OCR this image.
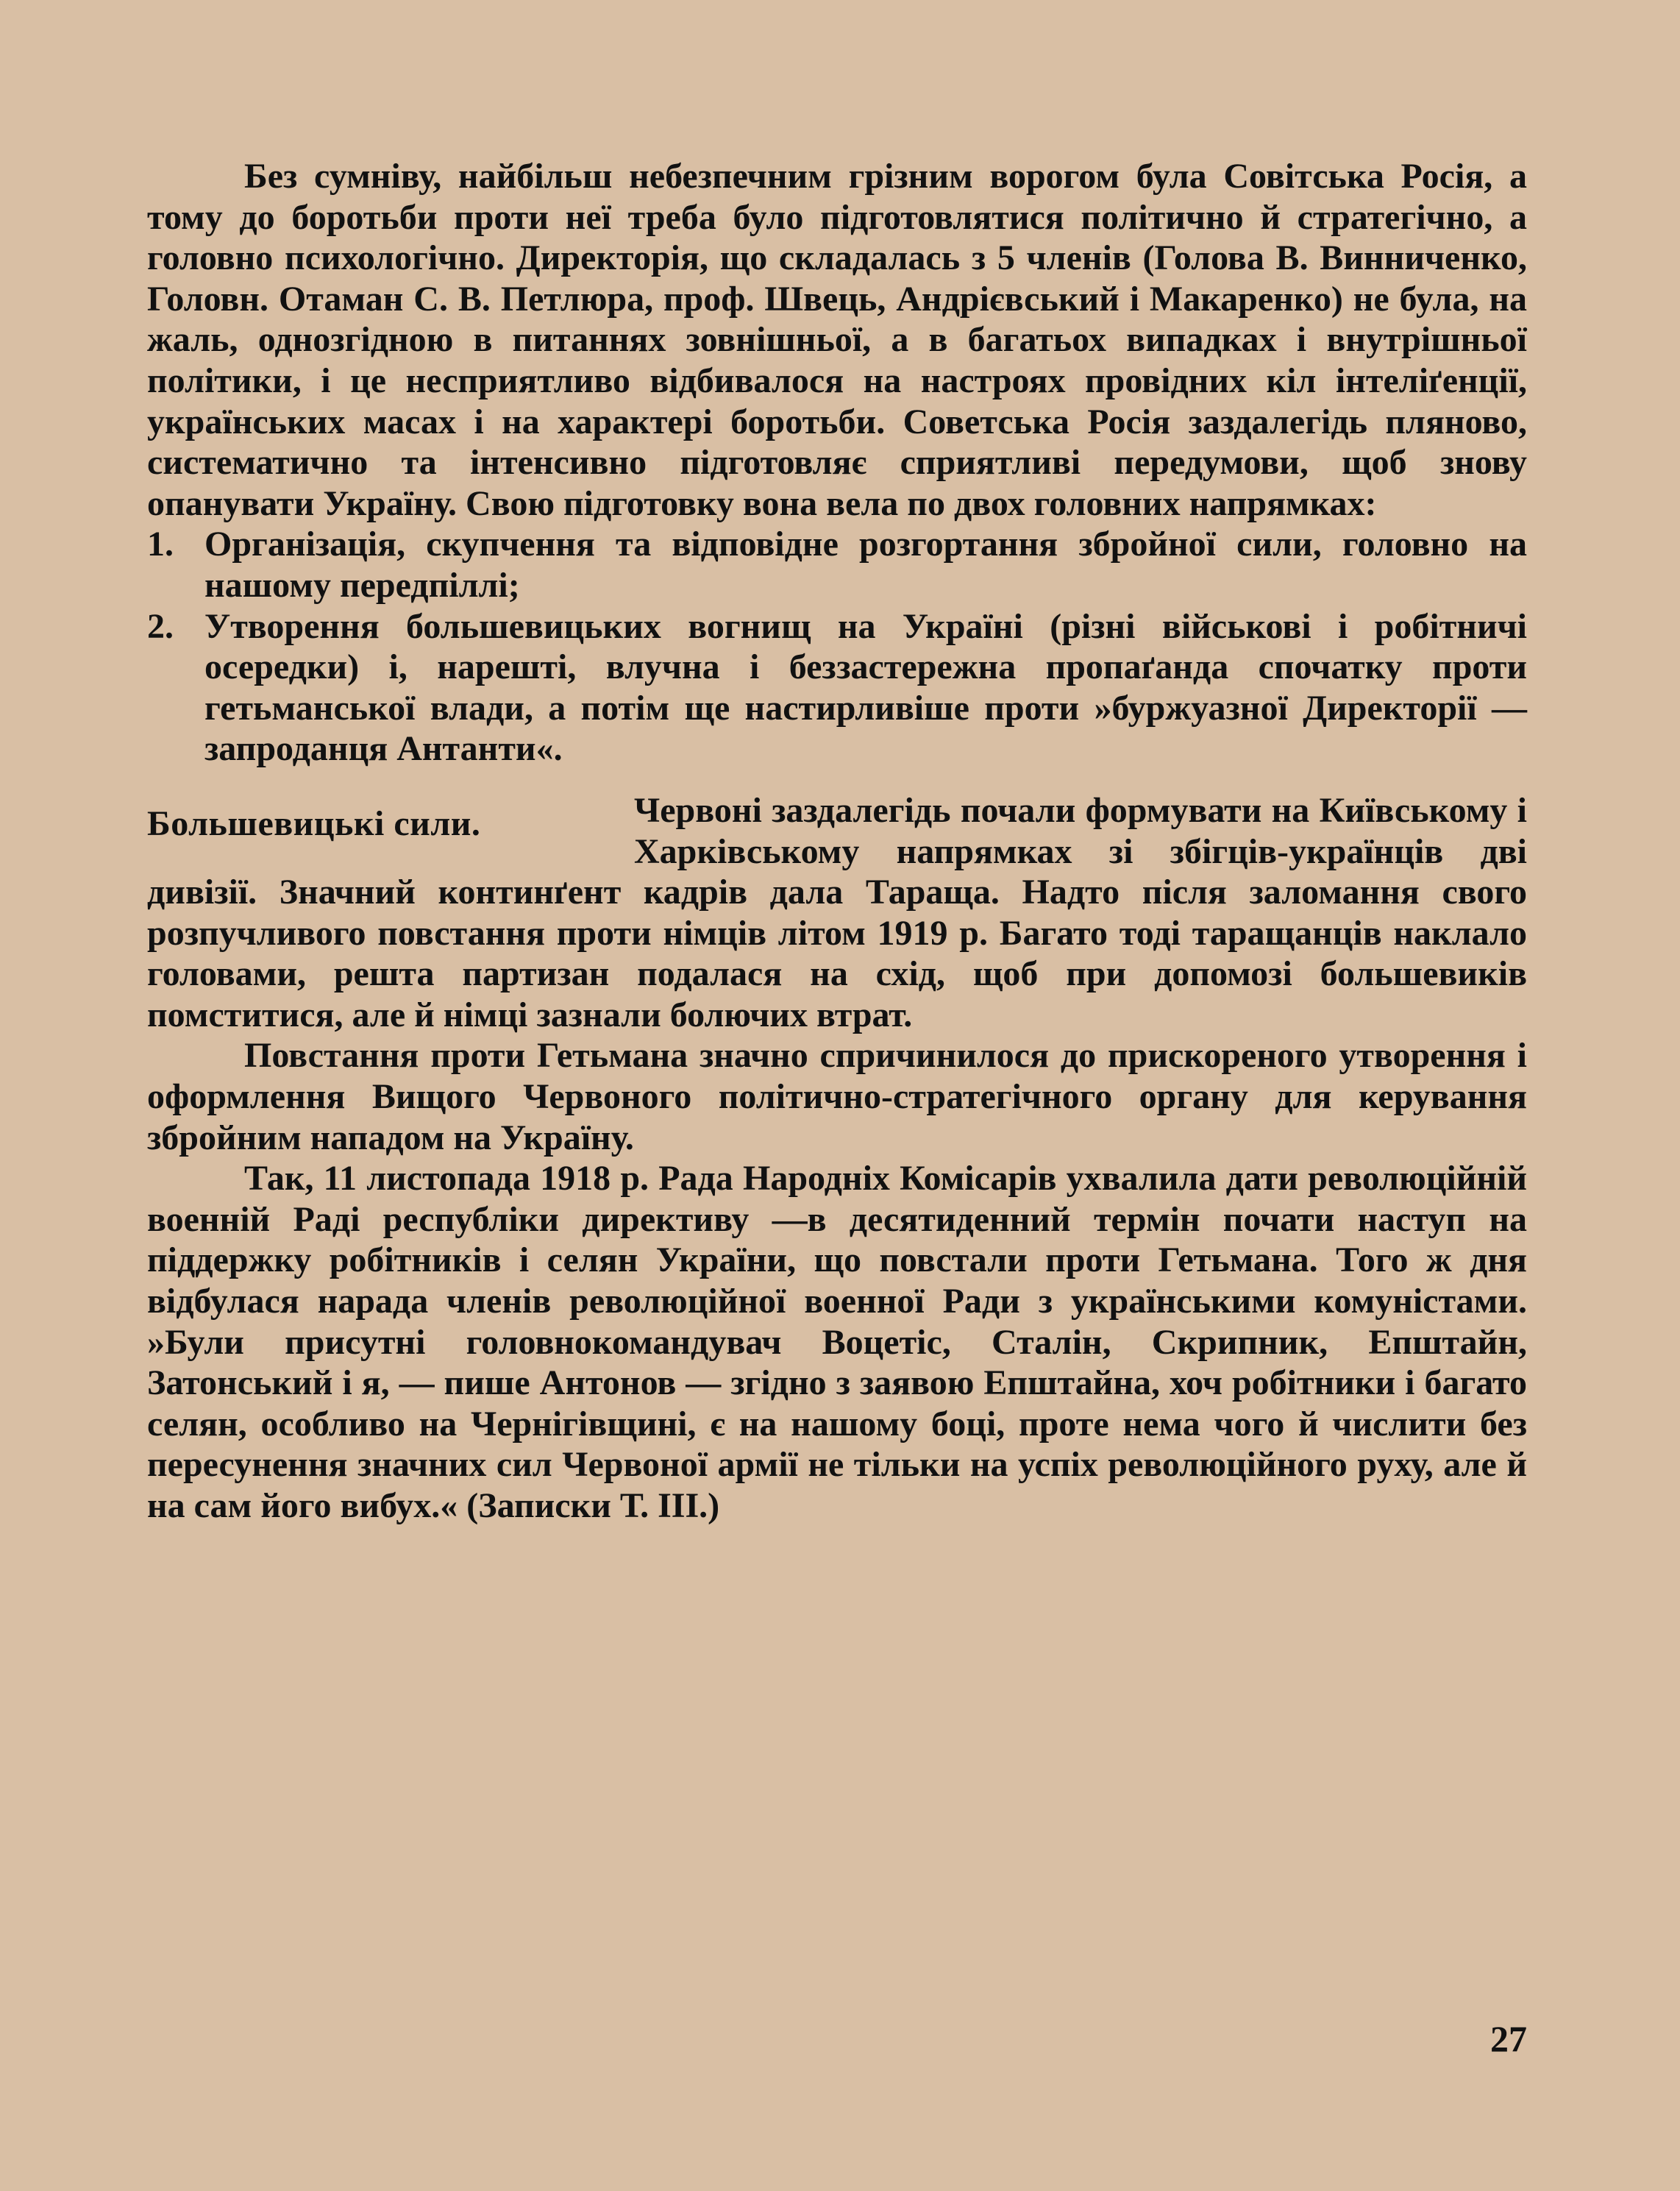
Без сумніву, найбільш небезпечним грізним ворогом була Совітська Росія, а тому до боротьби проти неї треба було підготовлятися політично й стратегічно, а головно психологічно. Директорія, що складалась з 5 членів (Голова В. Винниченко, Головн. Отаман С. В. Петлюра, проф. Швець, Андрієвський і Макаренко) не була, на жаль, однозгідною в питаннях зовнішньої, а в багатьох випадках і внутрішньої політики, і це несприятливо відбивалося на настроях провідних кіл інтеліґенції, українських масах і на характері боротьби. Советська Росія заздалегідь пляново, систематично та інтенсивно підготовляє сприятливі передумови, щоб знову опанувати Україну. Свою підготовку вона вела по двох головних напрямках:

1. Організація, скупчення та відповідне розгортання збройної сили, головно на нашому передпіллі;
2. Утворення большевицьких вогнищ на Україні (різні військові і робітничі осередки) і, нарешті, влучна і беззастережна пропаґанда спочатку проти гетьманської влади, а потім ще настирливіше проти »буржуазної Директорії — запроданця Антанти«.
Большевицькі сили.	Червоні заздалегідь почали формувати на Київському і Харківському напрямках зі збігців-українців дві дивізії. Значний континґент кадрів дала Таращa. Надто після заломання свого розпучливого повстання проти німців літом 1919 р. Багато тоді таращанців наклало головами, решта партизан подалася на схід, щоб при допомозі большевиків помститися, але й німці зазнали болючих втрат.

Повстання проти Гетьмана значно спричинилося до прискореного утворення і оформлення Вищого Червоного політично-стратегічного органу для керування збройним нападом на Україну.

Так, 11 листопада 1918 р. Рада Народніх Комісарів ухвалила дати революційній военній Раді республіки директиву —в десятиденний термін почати наступ на піддержку робітників і селян України, що повстали проти Гетьмана. Того ж дня відбулася нарада членів революційної военної Ради з українськими комуністами. »Були присутні головнокомандувач Воцетіс, Сталін, Скрипник, Епштайн, Затонський і я, — пише Антонов — згідно з заявою Епштайна, хоч робітники і багато селян, особливо на Чернігівщині, є на нашому боці, проте нема чого й числити без пересунення значних сил Червоної армії не тільки на успіх революційного руху, але й на сам його вибух.« (Записки Т. III.)

27
